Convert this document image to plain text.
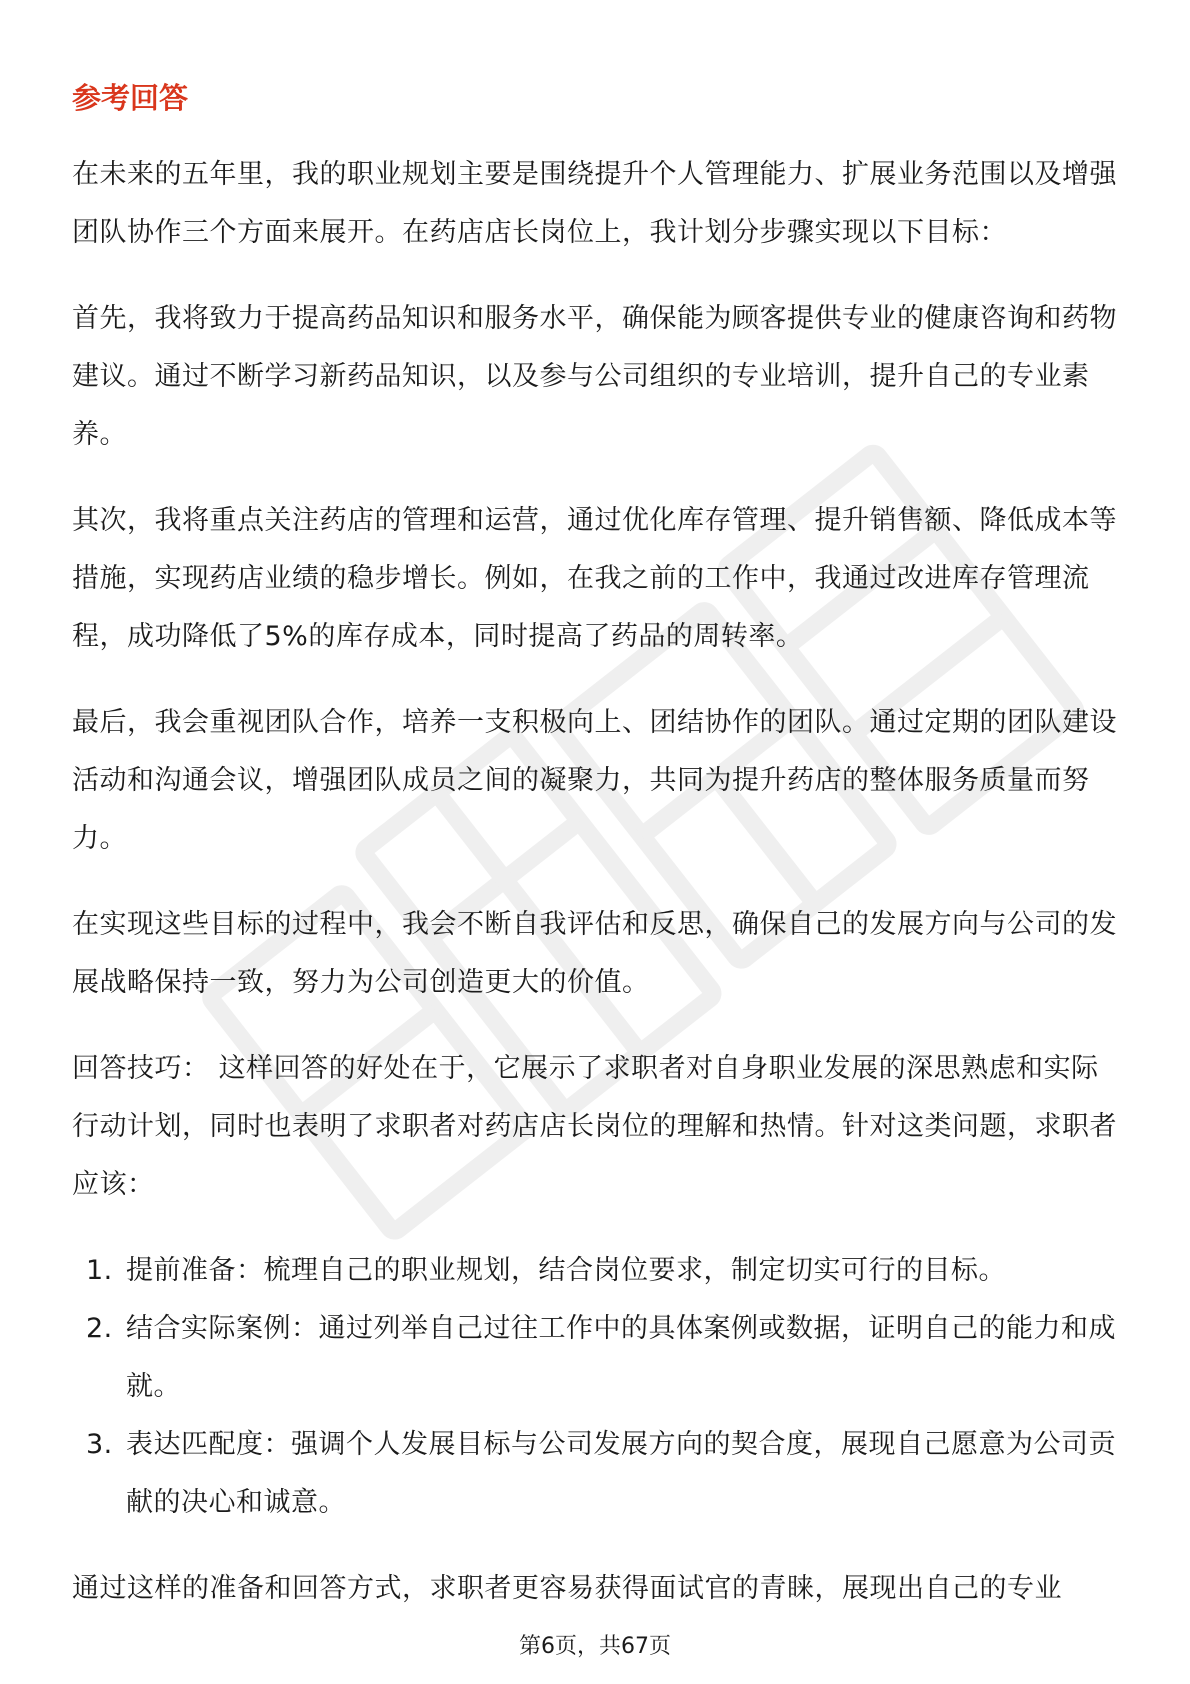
参考回答

在未来的五年里，我的职业规划主要是围绕提升个人管理能力、扩展业务范围以及增强团队协作三个方面来展开。在药店店长岗位上，我计划分步骤实现以下目标：

首先，我将致力于提高药品知识和服务水平，确保能为顾客提供专业的健康咨询和药物建议。通过不断学习新药品知识，以及参与公司组织的专业培训，提升自己的专业素养。

其次，我将重点关注药店的管理和运营，通过优化库存管理、提升销售额、降低成本等措施，实现药店业绩的稳步增长。例如，在我之前的工作中，我通过改进库存管理流程，成功降低了5%的库存成本，同时提高了药品的周转率。

最后，我会重视团队合作，培养一支积极向上、团结协作的团队。通过定期的团队建设活动和沟通会议，增强团队成员之间的凝聚力，共同为提升药店的整体服务质量而努力。

在实现这些目标的过程中，我会不断自我评估和反思，确保自己的发展方向与公司的发展战略保持一致，努力为公司创造更大的价值。

回答技巧： 这样回答的好处在于，它展示了求职者对自身职业发展的深思熟虑和实际行动计划，同时也表明了求职者对药店店长岗位的理解和热情。针对这类问题，求职者应该：

1. 提前准备：梳理自己的职业规划，结合岗位要求，制定切实可行的目标。
2. 结合实际案例：通过列举自己过往工作中的具体案例或数据，证明自己的能力和成就。
3. 表达匹配度：强调个人发展目标与公司发展方向的契合度，展现自己愿意为公司贡献的决心和诚意。

通过这样的准备和回答方式，求职者更容易获得面试官的青睐，展现出自己的专业

第6页，共67页
